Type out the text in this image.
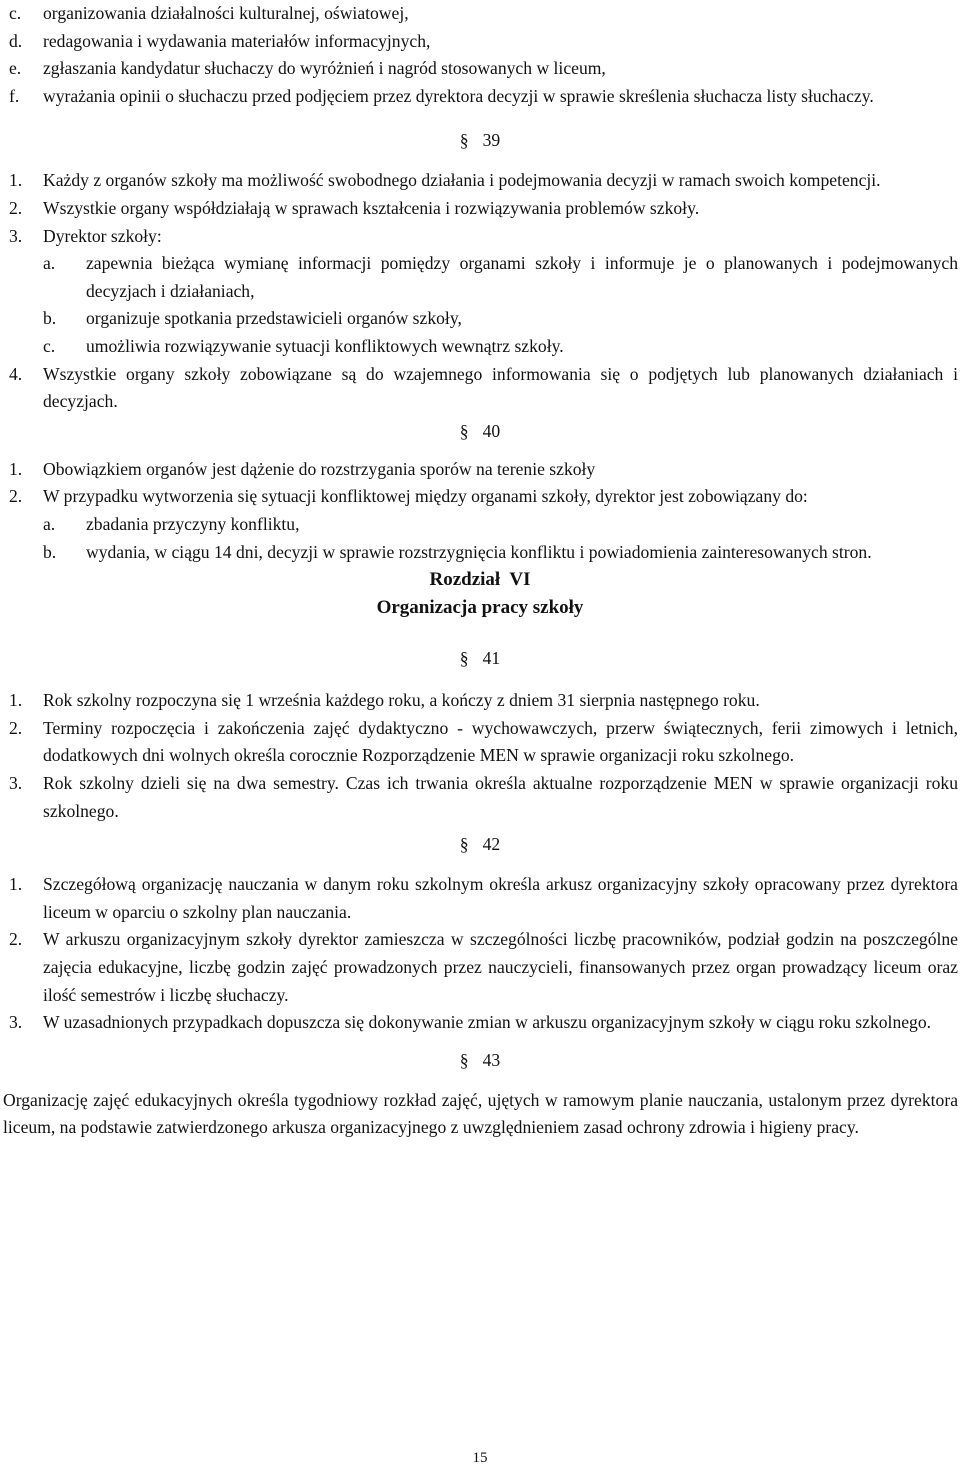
c. organizowania działalności kulturalnej, oświatowej,
d. redagowania i wydawania materiałów informacyjnych,
e. zgłaszania kandydatur słuchaczy do wyróżnień i nagród stosowanych w liceum,
f. wyrażania opinii o słuchaczu przed podjęciem przez dyrektora decyzji w sprawie skreślenia słuchacza listy słuchaczy.
§ 39
1. Każdy z organów szkoły ma możliwość swobodnego działania i podejmowania decyzji w ramach swoich kompetencji.
2. Wszystkie organy współdziałają w sprawach kształcenia i rozwiązywania problemów szkoły.
3. Dyrektor szkoły:
a. zapewnia bieżąca wymianę informacji pomiędzy organami szkoły i informuje je o planowanych i podejmowanych decyzjach i działaniach,
b. organizuje spotkania przedstawicieli organów szkoły,
c. umożliwia rozwiązywanie sytuacji konfliktowych wewnątrz szkoły.
4. Wszystkie organy szkoły zobowiązane są do wzajemnego informowania się o podjętych lub planowanych działaniach i decyzjach.
§ 40
1. Obowiązkiem organów jest dążenie do rozstrzygania sporów na terenie szkoły
2. W przypadku wytworzenia się sytuacji konfliktowej między organami szkoły, dyrektor jest zobowiązany do:
a. zbadania przyczyny konfliktu,
b. wydania, w ciągu 14 dni, decyzji w sprawie rozstrzygnięcia konfliktu i powiadomienia zainteresowanych stron.
Rozdział  VI
Organizacja pracy szkoły
§ 41
1. Rok szkolny rozpoczyna się 1 września każdego roku, a kończy z dniem 31 sierpnia następnego roku.
2. Terminy rozpoczęcia i zakończenia zajęć dydaktyczno - wychowawczych, przerw świątecznych, ferii zimowych i letnich, dodatkowych dni wolnych określa corocznie Rozporządzenie MEN w sprawie organizacji roku szkolnego.
3. Rok szkolny dzieli się na dwa semestry. Czas ich trwania określa aktualne rozporządzenie MEN w sprawie organizacji roku szkolnego.
§ 42
1. Szczegółową organizację nauczania w danym roku szkolnym określa arkusz organizacyjny szkoły opracowany przez dyrektora liceum w oparciu o szkolny plan nauczania.
2. W arkuszu organizacyjnym szkoły dyrektor zamieszcza w szczególności liczbę pracowników, podział godzin na poszczególne zajęcia edukacyjne, liczbę godzin zajęć prowadzonych przez nauczycieli, finansowanych przez organ prowadzący liceum oraz ilość semestrów i liczbę słuchaczy.
3. W uzasadnionych przypadkach dopuszcza się dokonywanie zmian w arkuszu organizacyjnym szkoły w ciągu roku szkolnego.
§ 43
Organizację zajęć edukacyjnych określa tygodniowy rozkład zajęć, ujętych w ramowym planie nauczania, ustalonym przez dyrektora liceum, na podstawie zatwierdzonego arkusza organizacyjnego z uwzględnieniem zasad ochrony zdrowia i higieny pracy.
15
